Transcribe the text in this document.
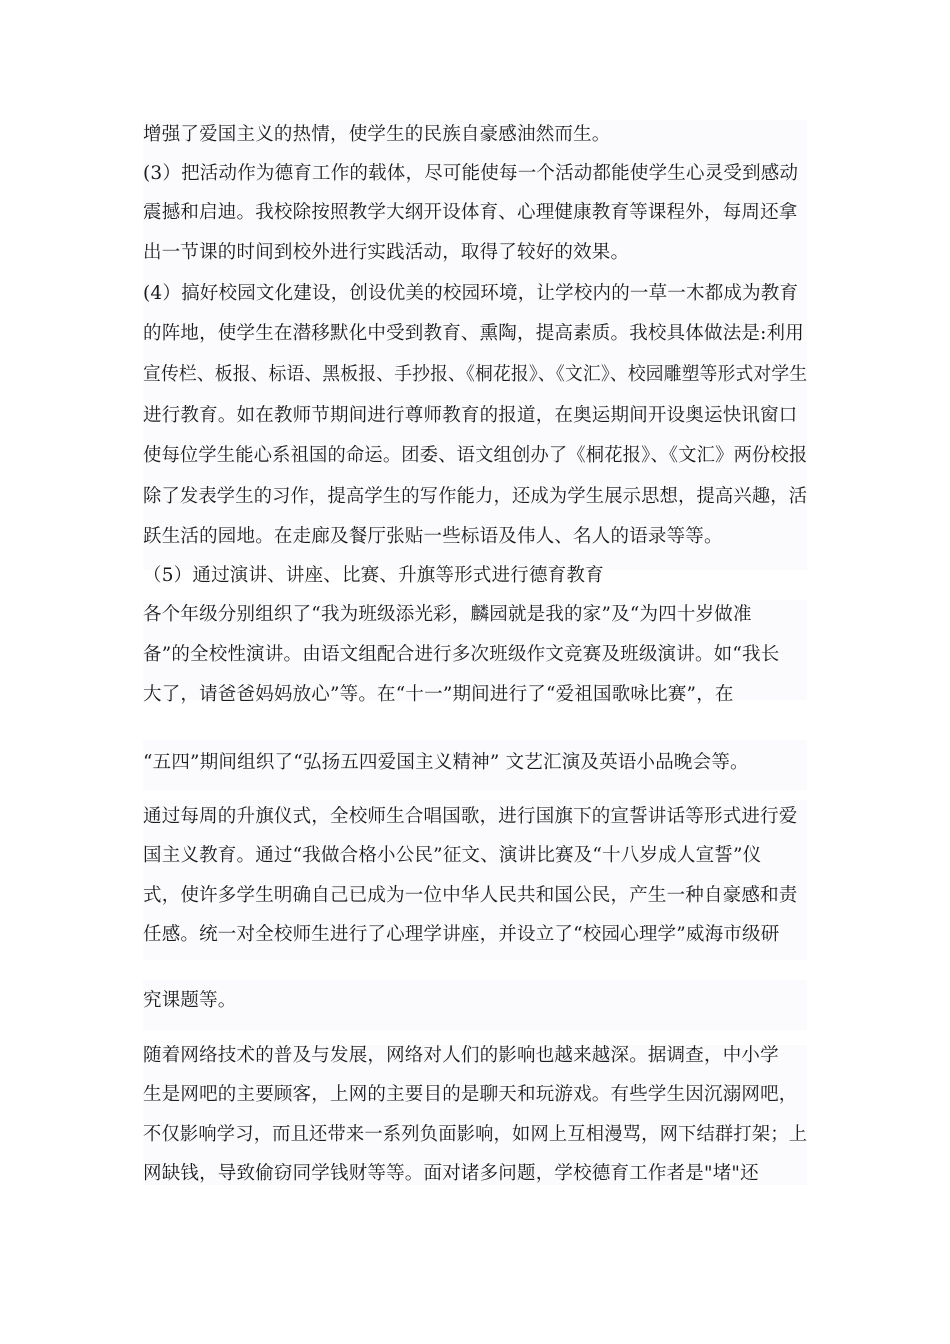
增强了爱国主义的热情，使学生的民族自豪感油然而生。
(3）把活动作为德育工作的载体，尽可能使每一个活动都能使学生心灵受到感动
震撼和启迪。我校除按照教学大纲开设体育、心理健康教育等课程外，每周还拿
出一节课的时间到校外进行实践活动，取得了较好的效果。
(4）搞好校园文化建设，创设优美的校园环境，让学校内的一草一木都成为教育
的阵地，使学生在潜移默化中受到教育、熏陶，提高素质。我校具体做法是:利用
宣传栏、板报、标语、黑板报、手抄报、《桐花报》、《文汇》、校园雕塑等形式对学生
进行教育。如在教师节期间进行尊师教育的报道，在奥运期间开设奥运快讯窗口
使每位学生能心系祖国的命运。团委、语文组创办了《桐花报》、《文汇》两份校报
除了发表学生的习作，提高学生的写作能力，还成为学生展示思想，提高兴趣，活
跃生活的园地。在走廊及餐厅张贴一些标语及伟人、名人的语录等等。
（5）通过演讲、讲座、比赛、升旗等形式进行德育教育
各个年级分别组织了“我为班级添光彩，麟园就是我的家”及“为四十岁做准
备”的全校性演讲。由语文组配合进行多次班级作文竞赛及班级演讲。如“我长
大了，请爸爸妈妈放心”等。在“十一”期间进行了“爱祖国歌咏比赛”，在
“五四”期间组织了“弘扬五四爱国主义精神” 文艺汇演及英语小品晚会等。
通过每周的升旗仪式，全校师生合唱国歌，进行国旗下的宣誓讲话等形式进行爱
国主义教育。通过“我做合格小公民”征文、演讲比赛及“十八岁成人宣誓”仪
式，使许多学生明确自己已成为一位中华人民共和国公民，产生一种自豪感和责
任感。统一对全校师生进行了心理学讲座，并设立了“校园心理学”威海市级研
究课题等。
随着网络技术的普及与发展，网络对人们的影响也越来越深。据调查，中小学
生是网吧的主要顾客，上网的主要目的是聊天和玩游戏。有些学生因沉溺网吧，
不仅影响学习，而且还带来一系列负面影响，如网上互相漫骂，网下结群打架；上
网缺钱，导致偷窃同学钱财等等。面对诸多问题，学校德育工作者是"堵"还
